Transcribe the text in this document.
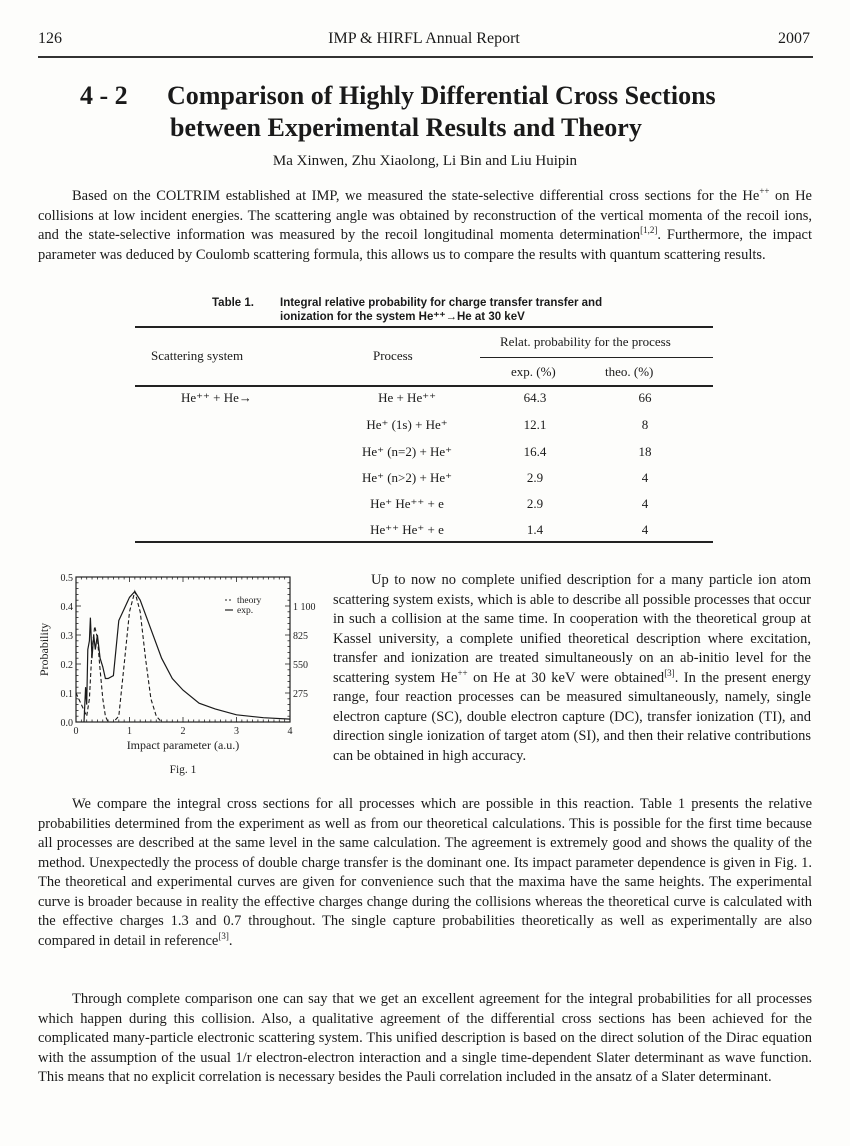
126	IMP & HIRFL Annual Report	2007
4 - 2 Comparison of Highly Differential Cross Sections
between Experimental Results and Theory
Ma Xinwen, Zhu Xiaolong, Li Bin and Liu Huipin
Based on the COLTRIM established at IMP, we measured the state-selective differential cross sections for the He++ on He collisions at low incident energies. The scattering angle was obtained by reconstruction of the vertical momenta of the recoil ions, and the state-selective information was measured by the recoil longitudinal momenta determination[1,2]. Furthermore, the impact parameter was deduced by Coulomb scattering formula, this allows us to compare the results with quantum scattering results.
Table 1. Integral relative probability for charge transfer transfer and
ionization for the system He⁺⁺→He at 30 keV
Scattering system	Process
Relat. probability for the process
exp. (%)	theo. (%)
He⁺⁺ + He→	He + He⁺⁺	64.3	66
He⁺ (1s) + He⁺	12.1	8
He⁺ (n=2) + He⁺	16.4	18
He⁺ (n>2) + He⁺	2.9	4
He⁺ He⁺⁺ + e	2.9	4
He⁺⁺ He⁺ + e	1.4	4
0	1	2	3	4
0.0
0.1
0.2
0.3
0.4
0.5
275
550
825
1 100
Impact parameter (a.u.)
Probability
theory
exp.
Fig. 1
Up to now no complete unified description for a many particle ion atom scattering system exists, which is able to describe all possible processes that occur in such a collision at the same time. In cooperation with the theoretical group at Kassel university, a complete unified theoretical description where excitation, transfer and ionization are treated simultaneously on an ab-initio level for the scattering system He++ on He at 30 keV were obtained[3]. In the present energy range, four reaction processes can be measured simultaneously, namely, single electron capture (SC), double electron capture (DC), transfer ionization (TI), and direction single ionization of target atom (SI), and then their relative contributions can be obtained in high accuracy.
We compare the integral cross sections for all processes which are possible in this reaction. Table 1 presents the relative probabilities determined from the experiment as well as from our theoretical calculations. This is possible for the first time because all processes are described at the same level in the same calculation. The agreement is extremely good and shows the quality of the method. Unexpectedly the process of double charge transfer is the dominant one. Its impact parameter dependence is given in Fig. 1. The theoretical and experimental curves are given for convenience such that the maxima have the same heights. The experimental curve is broader because in reality the effective charges change during the collisions whereas the theoretical curve is calculated with the effective charges 1.3 and 0.7 throughout. The single capture probabilities theoretically as well as experimentally are also compared in detail in reference[3].
Through complete comparison one can say that we get an excellent agreement for the integral probabilities for all processes which happen during this collision. Also, a qualitative agreement of the differential cross sections has been achieved for the complicated many-particle electronic scattering system. This unified description is based on the direct solution of the Dirac equation with the assumption of the usual 1/r electron-electron interaction and a single time-dependent Slater determinant as wave function. This means that no explicit correlation is necessary besides the Pauli correlation included in the ansatz of a Slater determinant.
